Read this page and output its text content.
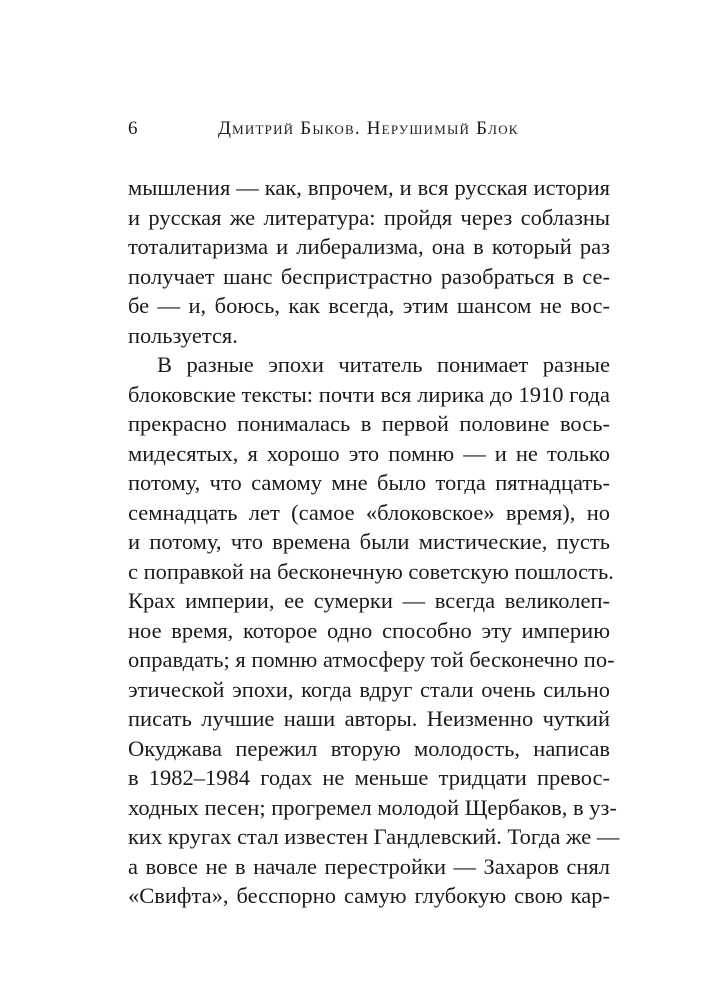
6	Дмитрий Быков. Нерушимый Блок
мышления — как, впрочем, и вся русская история
и русская же литература: пройдя через соблазны
тоталитаризма и либерализма, она в который раз
получает шанс беспристрастно разобраться в се-
бе — и, боюсь, как всегда, этим шансом не вос-
пользуется.
В разные эпохи читатель понимает разные
блоковские тексты: почти вся лирика до 1910 года
прекрасно понималась в первой половине вось-
мидесятых, я хорошо это помню — и не только
потому, что самому мне было тогда пятнадцать-
семнадцать лет (самое «блоковское» время), но
и потому, что времена были мистические, пусть
с поправкой на бесконечную советскую пошлость.
Крах империи, ее сумерки — всегда великолеп-
ное время, которое одно способно эту империю
оправдать; я помню атмосферу той бесконечно по-
этической эпохи, когда вдруг стали очень сильно
писать лучшие наши авторы. Неизменно чуткий
Окуджава пережил вторую молодость, написав
в 1982–1984 годах не меньше тридцати превос-
ходных песен; прогремел молодой Щербаков, в уз-
ких кругах стал известен Гандлевский. Тогда же —
а вовсе не в начале перестройки — Захаров снял
«Свифта», бесспорно самую глубокую свою кар-
